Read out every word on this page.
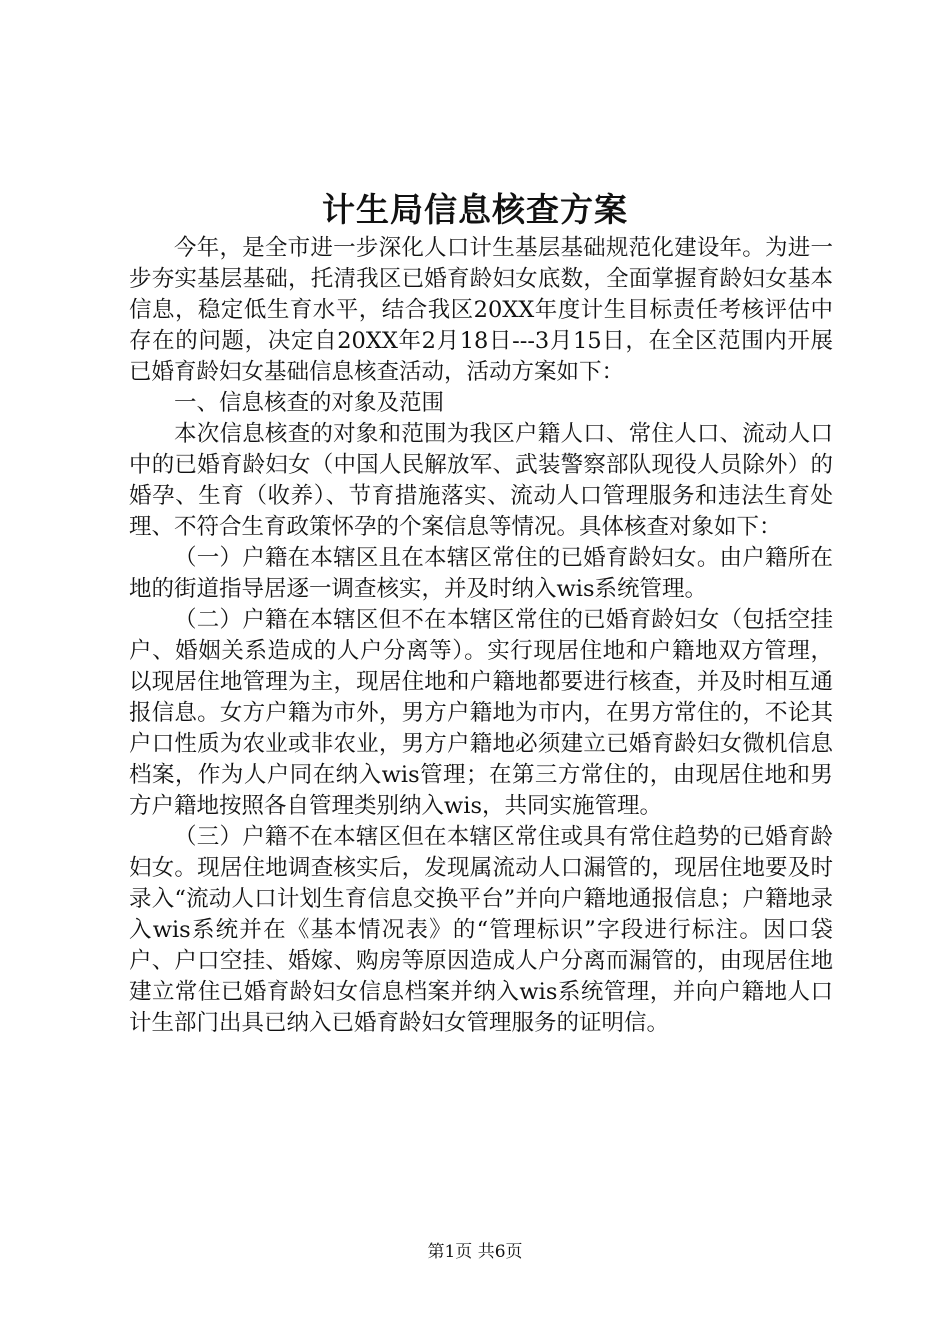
计生局信息核查方案

今年，是全市进一步深化人口计生基层基础规范化建设年。为进一步夯实基层基础，托清我区已婚育龄妇女底数，全面掌握育龄妇女基本信息，稳定低生育水平，结合我区20XX年度计生目标责任考核评估中存在的问题，决定自20XX年2月18日---3月15日，在全区范围内开展已婚育龄妇女基础信息核查活动，活动方案如下：

一、信息核查的对象及范围

本次信息核查的对象和范围为我区户籍人口、常住人口、流动人口中的已婚育龄妇女（中国人民解放军、武装警察部队现役人员除外）的婚孕、生育（收养）、节育措施落实、流动人口管理服务和违法生育处理、不符合生育政策怀孕的个案信息等情况。具体核查对象如下：

（一）户籍在本辖区且在本辖区常住的已婚育龄妇女。由户籍所在地的街道指导居逐一调查核实，并及时纳入wis系统管理。

（二）户籍在本辖区但不在本辖区常住的已婚育龄妇女（包括空挂户、婚姻关系造成的人户分离等）。实行现居住地和户籍地双方管理，以现居住地管理为主，现居住地和户籍地都要进行核查，并及时相互通报信息。女方户籍为市外，男方户籍地为市内，在男方常住的，不论其户口性质为农业或非农业，男方户籍地必须建立已婚育龄妇女微机信息档案，作为人户同在纳入wis管理；在第三方常住的，由现居住地和男方户籍地按照各自管理类别纳入wis，共同实施管理。

（三）户籍不在本辖区但在本辖区常住或具有常住趋势的已婚育龄妇女。现居住地调查核实后，发现属流动人口漏管的，现居住地要及时录入“流动人口计划生育信息交换平台”并向户籍地通报信息；户籍地录入wis系统并在《基本情况表》的“管理标识”字段进行标注。因口袋户、户口空挂、婚嫁、购房等原因造成人户分离而漏管的，由现居住地建立常住已婚育龄妇女信息档案并纳入wis系统管理，并向户籍地人口计生部门出具已纳入已婚育龄妇女管理服务的证明信。

第1页 共6页
